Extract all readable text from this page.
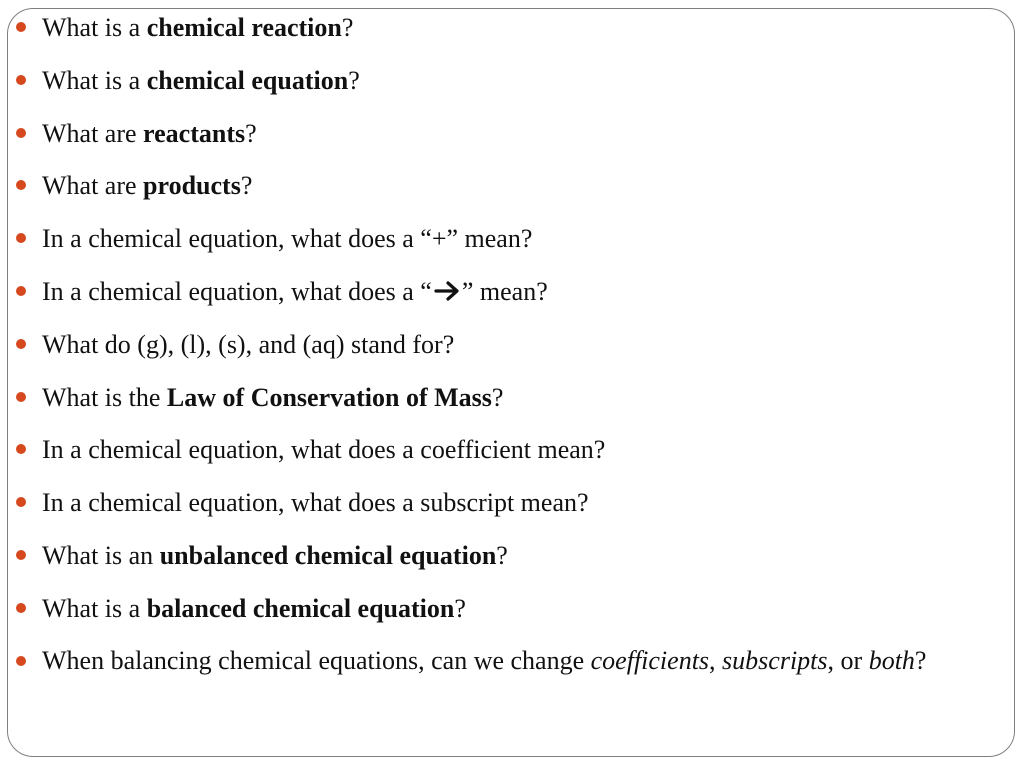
What is a chemical reaction?
What is a chemical equation?
What are reactants?
What are products?
In a chemical equation, what does a “+” mean?
In a chemical equation, what does a “ ” mean?
What do (g), (l), (s), and (aq) stand for?
What is the Law of Conservation of Mass?
In a chemical equation, what does a coefficient mean?
In a chemical equation, what does a subscript mean?
What is an unbalanced chemical equation?
What is a balanced chemical equation?
When balancing chemical equations, can we change coefficients, subscripts, or both?
